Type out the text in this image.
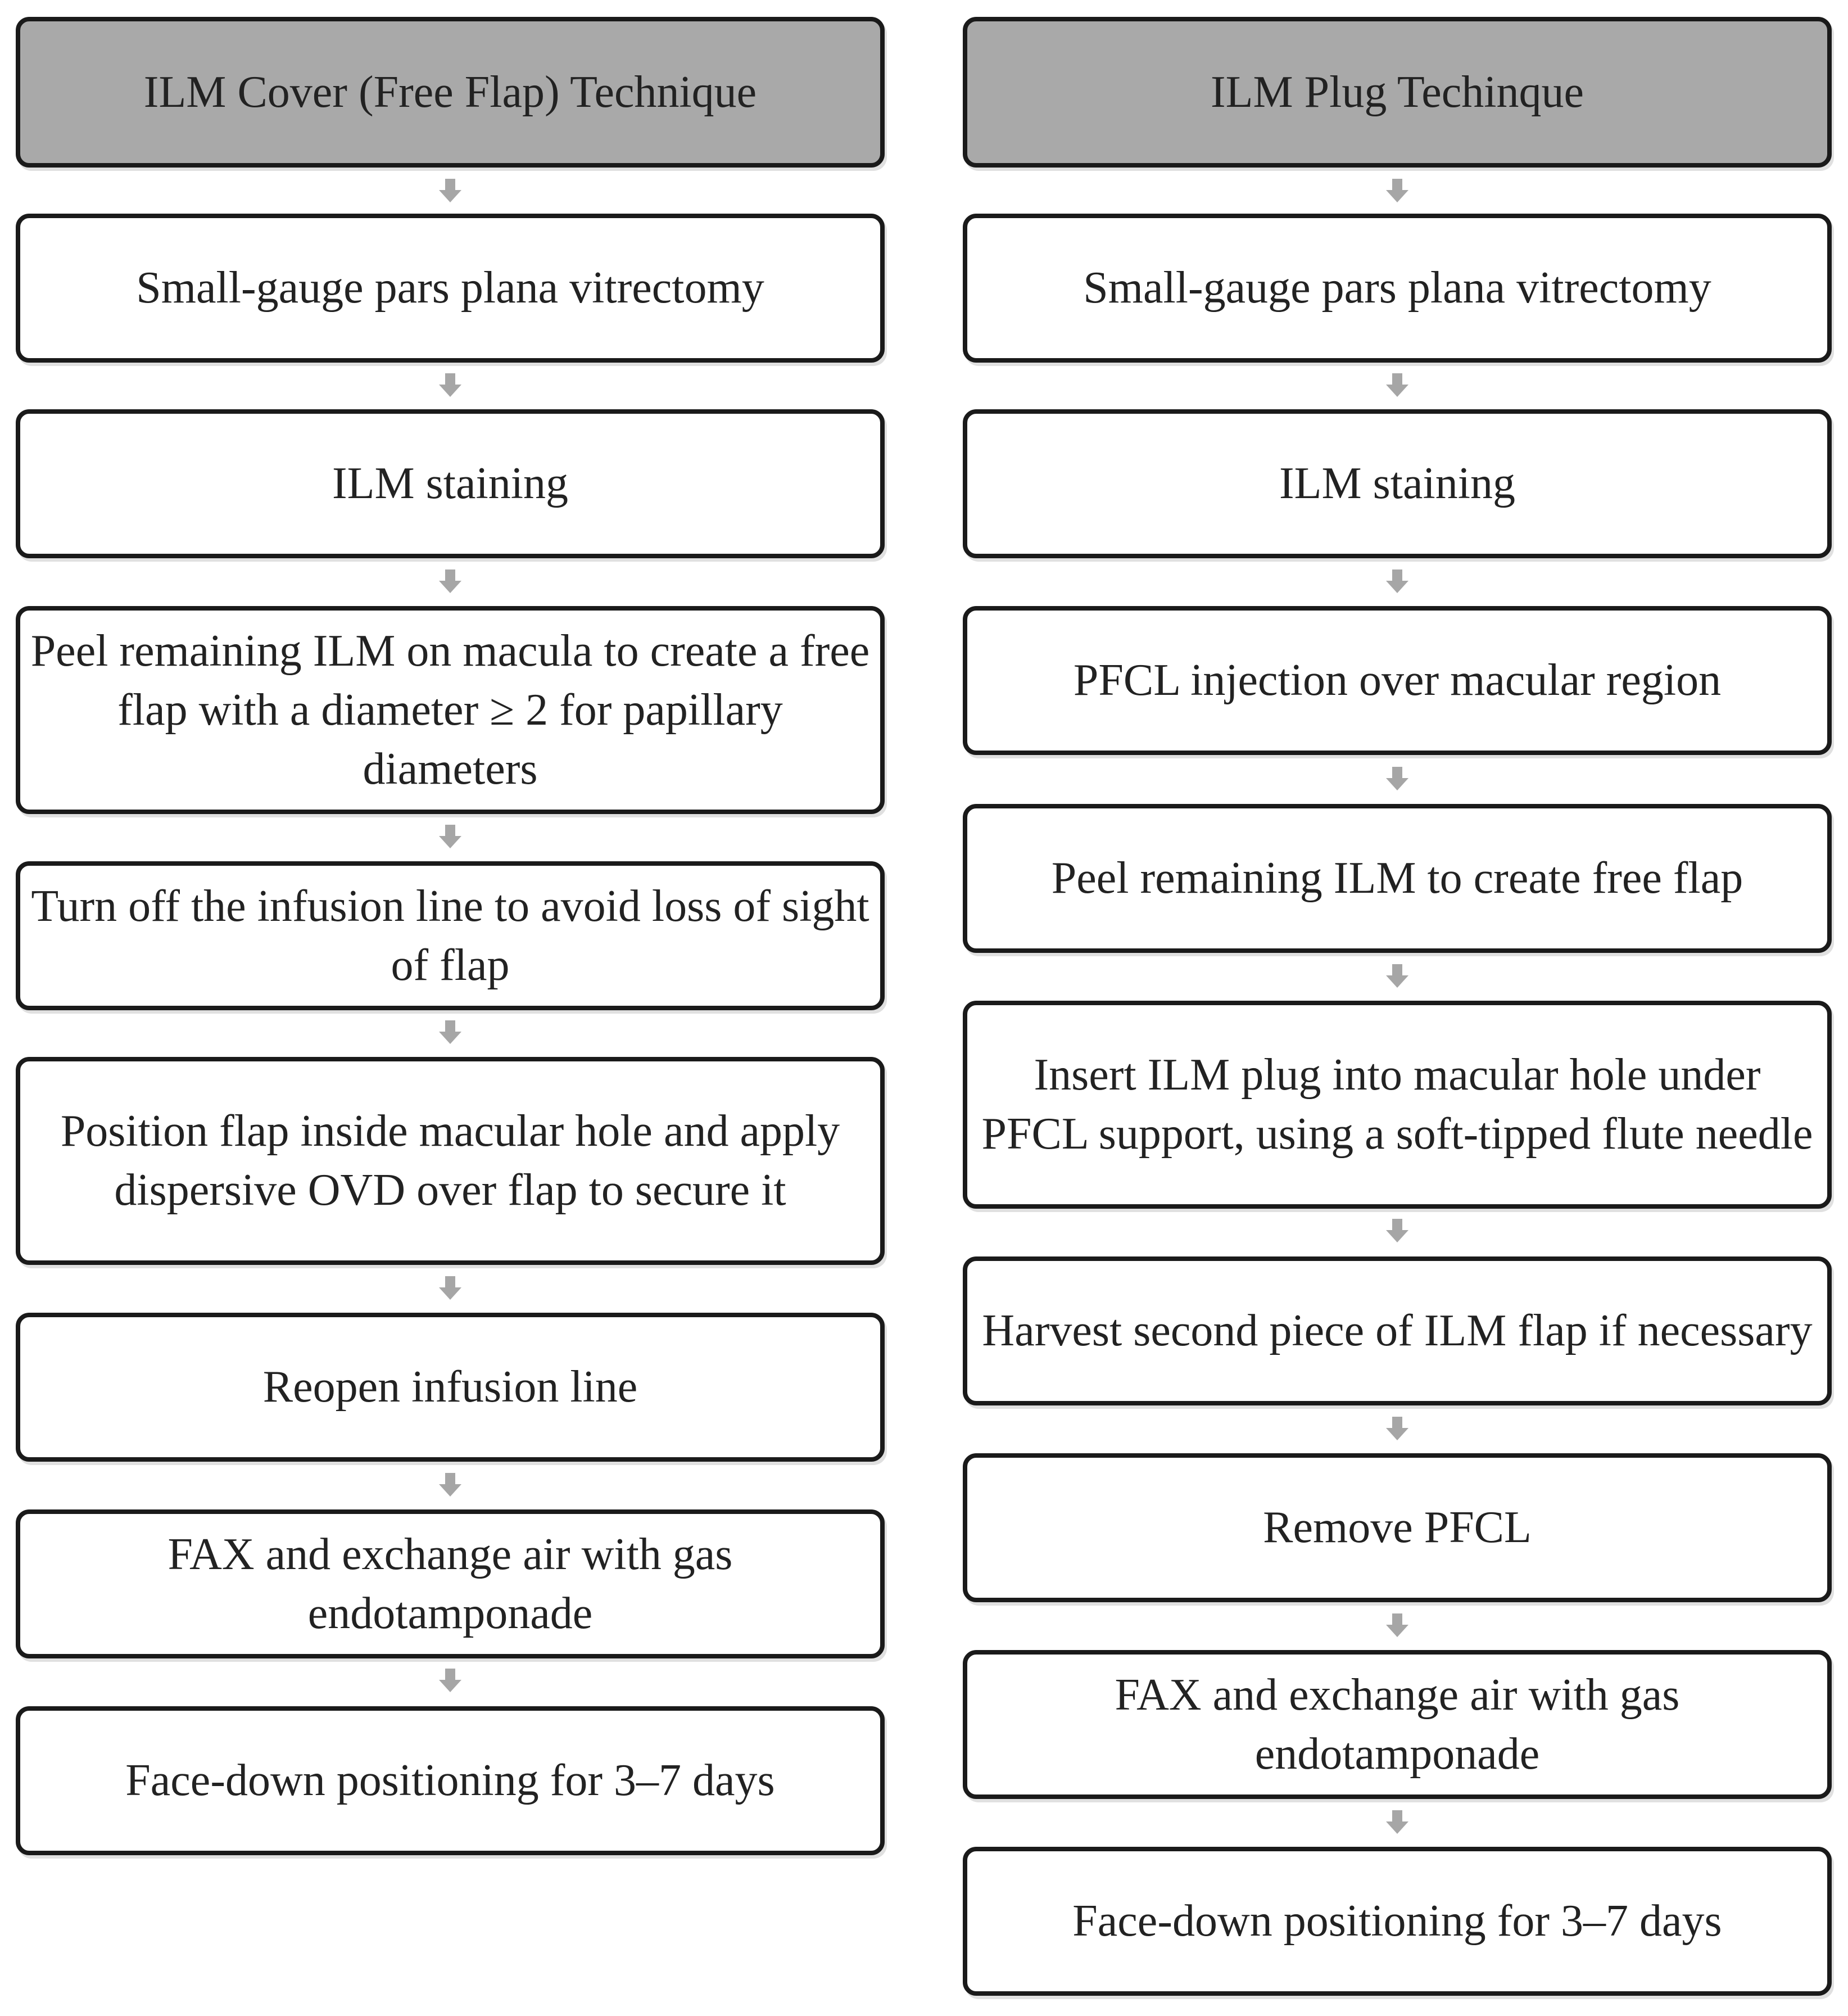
ILM Cover (Free Flap) Technique
Small-gauge pars plana vitrectomy
ILM staining
Peel remaining ILM on macula to create a free flap with a diameter ≥ 2 for papillary diameters
Turn off the infusion line to avoid loss of sight of flap
Position flap inside macular hole and apply dispersive OVD over flap to secure it
Reopen infusion line
FAX and exchange air with gas endotamponade
Face-down positioning for 3–7 days
ILM Plug Techinque
Small-gauge pars plana vitrectomy
ILM staining
PFCL injection over macular region
Peel remaining ILM to create free flap
Insert ILM plug into macular hole under PFCL support, using a soft-tipped flute needle
Harvest second piece of ILM flap if necessary
Remove PFCL
FAX and exchange air with gas endotamponade
Face-down positioning for 3–7 days
